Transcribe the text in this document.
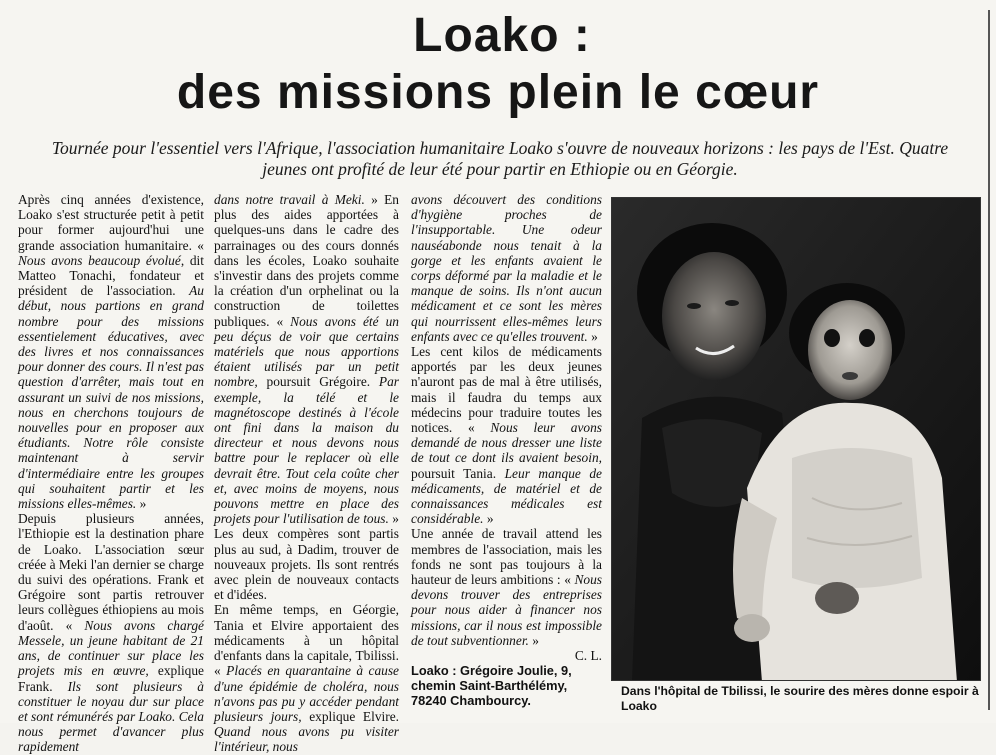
Loako :
des missions plein le cœur
Tournée pour l'essentiel vers l'Afrique, l'association humanitaire Loako s'ouvre de nouveaux horizons : les pays de l'Est. Quatre jeunes ont profité de leur été pour partir en Ethiopie ou en Géorgie.

Après cinq années d'existence, Loako s'est structurée petit à petit pour former aujourd'hui une grande association humanitaire. « Nous avons beaucoup évolué, dit Matteo Tonachi, fondateur et président de l'association. Au début, nous partions en grand nombre pour des missions essentielement éducatives, avec des livres et nos connaissances pour donner des cours. Il n'est pas question d'arrêter, mais tout en assurant un suivi de nos missions, nous en cherchons toujours de nouvelles pour en proposer aux étudiants. Notre rôle consiste maintenant à servir d'intermédiaire entre les groupes qui souhaitent partir et les missions elles-mêmes. »

Depuis plusieurs années, l'Ethiopie est la destination phare de Loako. L'association sœur créée à Meki l'an dernier se charge du suivi des opérations. Frank et Grégoire sont partis retrouver leurs collègues éthiopiens au mois d'août. « Nous avons chargé Messele, un jeune habitant de 21 ans, de continuer sur place les projets mis en œuvre, explique Frank. Ils sont plusieurs à constituer le noyau dur sur place et sont rémunérés par Loako. Cela nous permet d'avancer plus rapidement

dans notre travail à Meki. » En plus des aides apportées à quelques-uns dans le cadre des parrainages ou des cours donnés dans les écoles, Loako souhaite s'investir dans des projets comme la création d'un orphelinat ou la construction de toilettes publiques. « Nous avons été un peu déçus de voir que certains matériels que nous apportions étaient utilisés par un petit nombre, poursuit Grégoire. Par exemple, la télé et le magnétoscope destinés à l'école ont fini dans la maison du directeur et nous devons nous battre pour le replacer où elle devrait être. Tout cela coûte cher et, avec moins de moyens, nous pouvons mettre en place des projets pour l'utilisation de tous. » Les deux compères sont partis plus au sud, à Dadim, trouver de nouveaux projets. Ils sont rentrés avec plein de nouveaux contacts et d'idées.

En même temps, en Géorgie, Tania et Elvire apportaient des médicaments à un hôpital d'enfants dans la capitale, Tbilissi. « Placés en quarantaine à cause d'une épidémie de choléra, nous n'avons pas pu y accéder pendant plusieurs jours, explique Elvire. Quand nous avons pu visiter l'intérieur, nous

avons découvert des conditions d'hygiène proches de l'insupportable. Une odeur nauséabonde nous tenait à la gorge et les enfants avaient le corps déformé par la maladie et le manque de soins. Ils n'ont aucun médicament et ce sont les mères qui nourrissent elles-mêmes leurs enfants avec ce qu'elles trouvent. »

Les cent kilos de médicaments apportés par les deux jeunes n'auront pas de mal à être utilisés, mais il faudra du temps aux médecins pour traduire toutes les notices. « Nous leur avons demandé de nous dresser une liste de tout ce dont ils avaient besoin, poursuit Tania. Leur manque de médicaments, de matériel et de connaissances médicales est considérable. »

Une année de travail attend les membres de l'association, mais les fonds ne sont pas toujours à la hauteur de leurs ambitions : « Nous devons trouver des entreprises pour nous aider à financer nos missions, car il nous est impossible de tout subventionner. »

C. L.

Loako : Grégoire Joulie, 9, chemin Saint-Barthélémy, 78240 Chambourcy.

Dans l'hôpital de Tbilissi, le sourire des mères donne espoir à Loako
